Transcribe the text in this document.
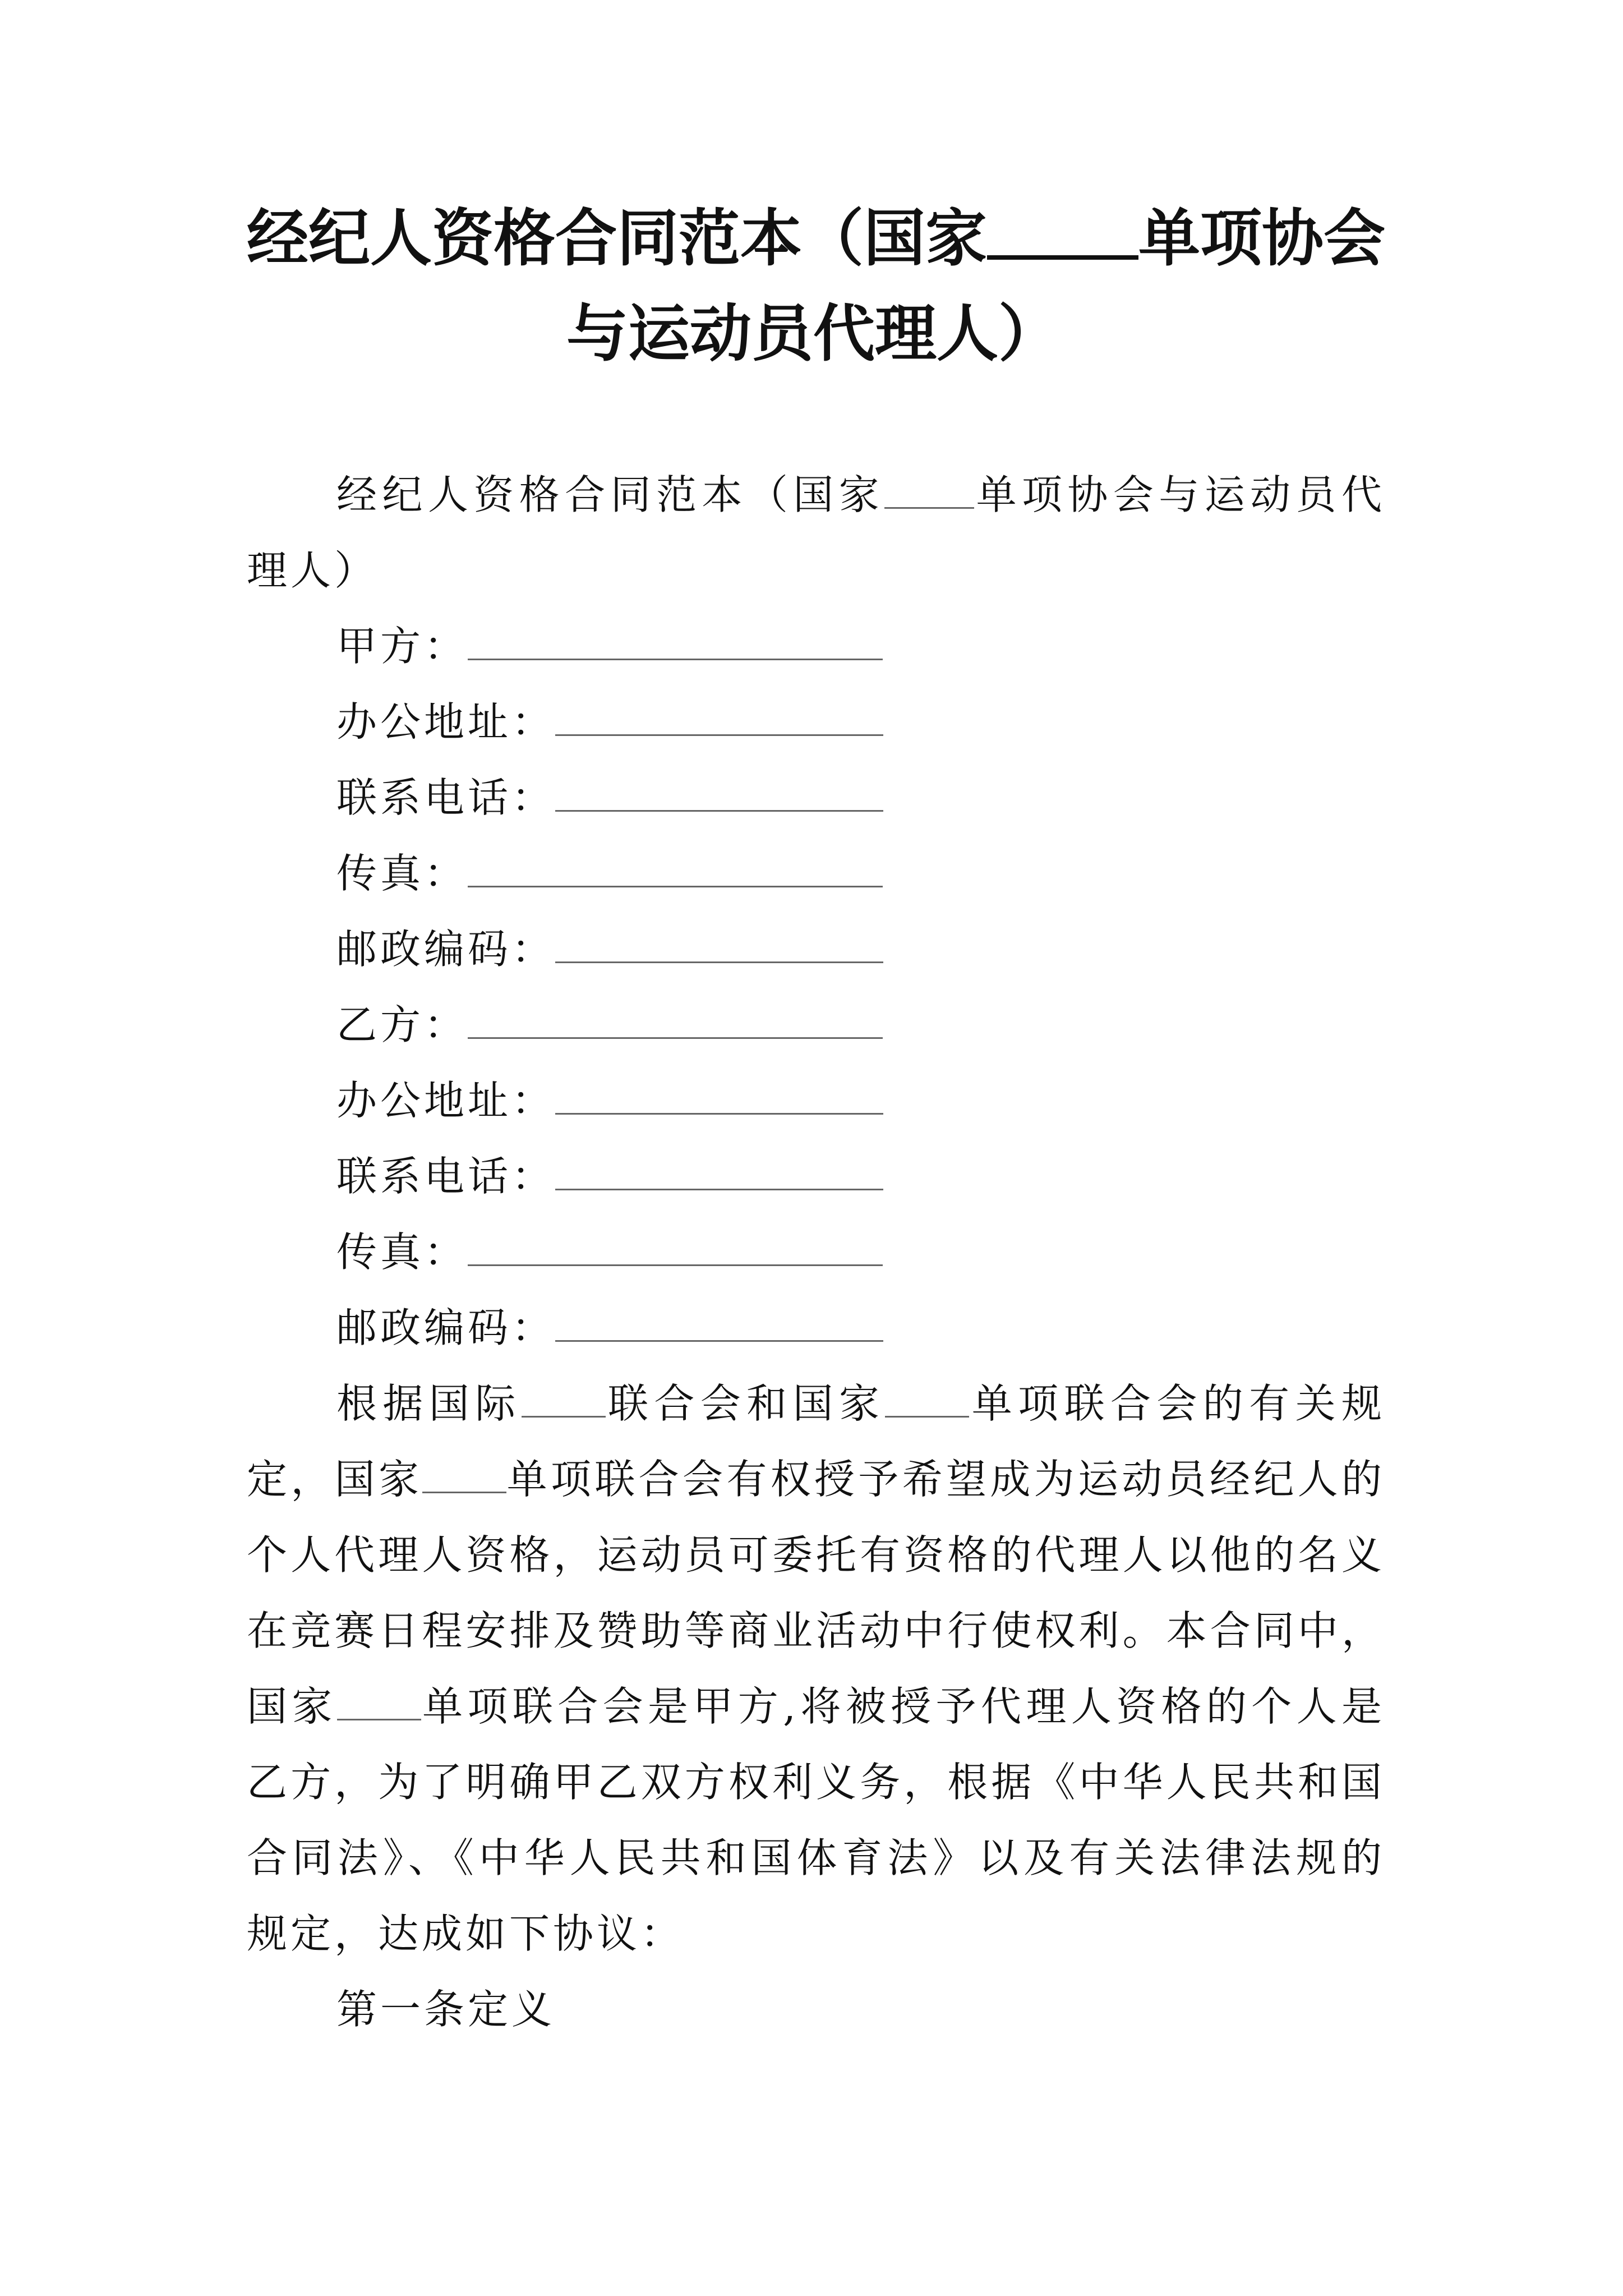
经纪人资格合同范本（国家 单项协会
与运动员代理人）

经纪人资格合同范本（国家 单项协会与运动员代理人）

甲方：

办公地址：

联系电话：

传真：

邮政编码：

乙方：

办公地址：

联系电话：

传真：

邮政编码：

根据国际 联合会和国家 单项联合会的有关规定，国家 单项联合会有权授予希望成为运动员经纪人的个人代理人资格，运动员可委托有资格的代理人以他的名义在竞赛日程安排及赞助等商业活动中行使权利。本合同中，国家 单项联合会是甲方,将被授予代理人资格的个人是乙方，为了明确甲乙双方权利义务，根据《中华人民共和国合同法》、《中华人民共和国体育法》以及有关法律法规的规定，达成如下协议：

第一条定义
